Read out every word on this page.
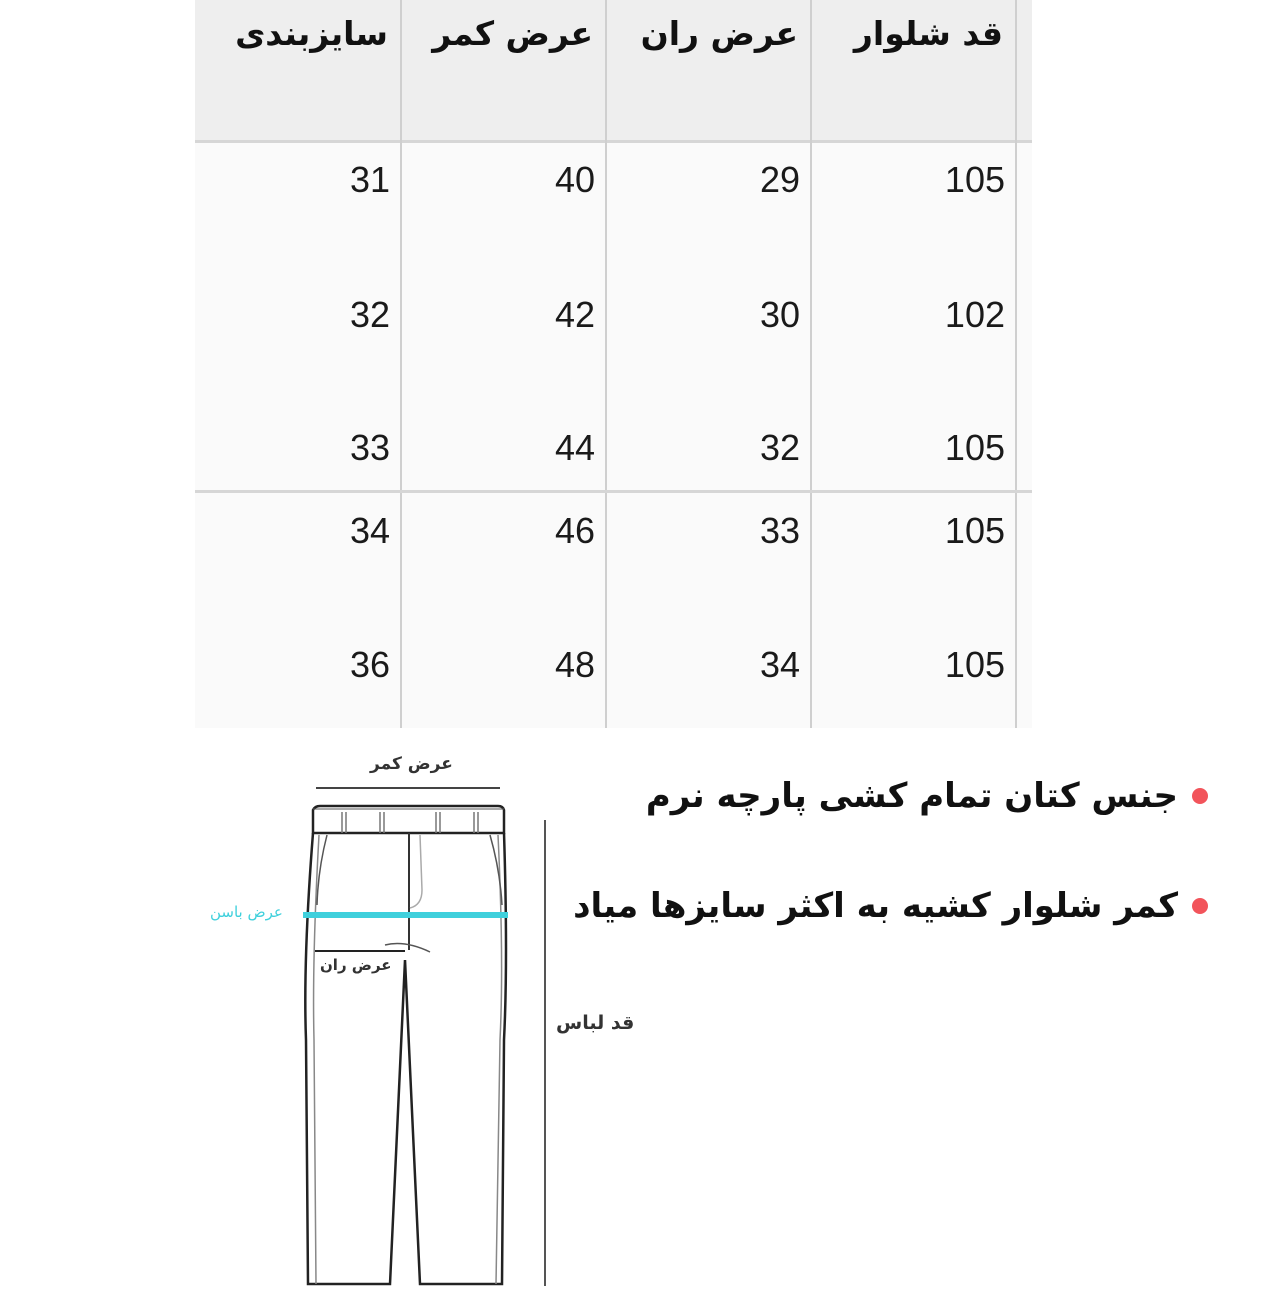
قد شلوار
عرض ران
عرض کمر
سایزبندی
105
29
40
31
102
30
42
32
105
32
44
33
105
33
46
34
105
34
48
36
عرض کمر
عرض باسن
عرض ران
قد لباس
جنس کتان تمام کشی پارچه نرم
کمر شلوار کشیه به اکثر سایزها میاد
